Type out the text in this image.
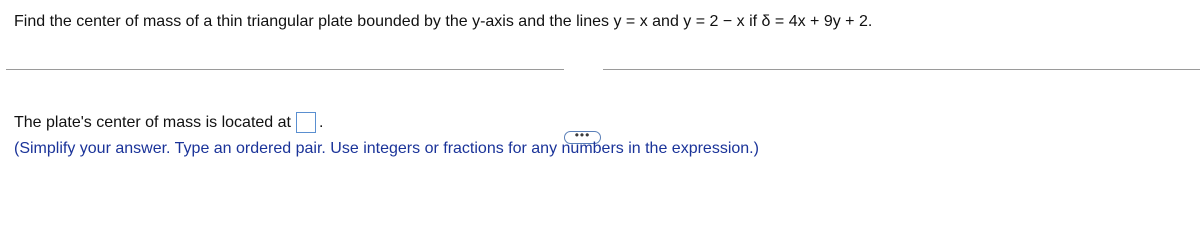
Find the center of mass of a thin triangular plate bounded by the y-axis and the lines y = x and y = 2 − x if δ = 4x + 9y + 2.
•••
The plate's center of mass is located at .
(Simplify your answer. Type an ordered pair. Use integers or fractions for any numbers in the expression.)
